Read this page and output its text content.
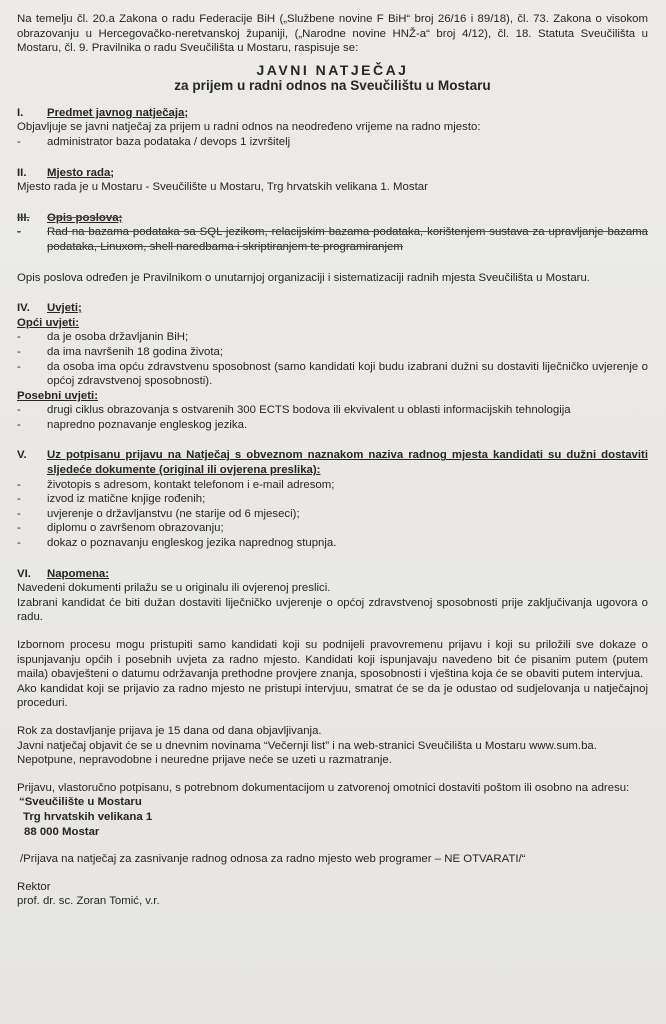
Na temelju čl. 20.a Zakona o radu Federacije BiH („Službene novine F BiH“ broj 26/16 i 89/18), čl. 73. Zakona o visokom obrazovanju u Hercegovačko-neretvanskoj županiji, („Narodne novine HNŽ-a“ broj 4/12), čl. 18. Statuta Sveučilišta u Mostaru, čl. 9. Pravilnika o radu Sveučilišta u Mostaru, raspisuje se:

JAVNI NATJEČAJ

za prijem u radni odnos na Sveučilištu u Mostaru

I.	Predmet javnog natječaja;

Objavljuje se javni natječaj za prijem u radni odnos na neodređeno vrijeme na radno mjesto:

-	administrator baza podataka / devops 1 izvršitelj
II.	Mjesto rada;

Mjesto rada je u Mostaru - Sveučilište u Mostaru, Trg hrvatskih velikana 1. Mostar

III.	Opis poslova;
-	Rad na bazama podataka sa SQL jezikom, relacijskim bazama podataka, korištenjem sustava za upravljanje bazama podataka, Linuxom, shell naredbama i skriptiranjem te programiranjem

Opis poslova određen je Pravilnikom o unutarnjoj organizaciji i sistematizaciji radnih mjesta Sveučilišta u Mostaru.

IV.	Uvjeti;

Opći uvjeti:

-	da je osoba državljanin BiH;
-	da ima navršenih 18 godina života;
-	da osoba ima opću zdravstvenu sposobnost (samo kandidati koji budu izabrani dužni su dostaviti liječničko uvjerenje o općoj zdravstvenoj sposobnosti).

Posebni uvjeti:

-	drugi ciklus obrazovanja s ostvarenih 300 ECTS bodova ili ekvivalent u oblasti informacijskih tehnologija
-	napredno poznavanje engleskog jezika.
V.	Uz potpisanu prijavu na Natječaj s obveznom naznakom naziva radnog mjesta kandidati su dužni dostaviti sljedeće dokumente (original ili ovjerena preslika):
-	životopis s adresom, kontakt telefonom i e-mail adresom;
-	izvod iz matične knjige rođenih;
-	uvjerenje o državljanstvu (ne starije od 6 mjeseci);
-	diplomu o završenom obrazovanju;
-	dokaz o poznavanju engleskog jezika naprednog stupnja.
VI.	Napomena:

Navedeni dokumenti prilažu se u originalu ili ovjerenoj preslici.

Izabrani kandidat će biti dužan dostaviti liječničko uvjerenje o općoj zdravstvenoj sposobnosti prije zaključivanja ugovora o radu.

Izbornom procesu mogu pristupiti samo kandidati koji su podnijeli pravovremenu prijavu i koji su priložili sve dokaze o ispunjavanju općih i posebnih uvjeta za radno mjesto. Kandidati koji ispunjavaju navedeno bit će pisanim putem (putem maila) obavješteni o datumu održavanja prethodne provjere znanja, sposobnosti i vještina koja će se obaviti putem intervjua.

Ako kandidat koji se prijavio za radno mjesto ne pristupi intervjuu, smatrat će se da je odustao od sudjelovanja u natječajnoj proceduri.

Rok za dostavljanje prijava je 15 dana od dana objavljivanja.

Javni natječaj objavit će se u dnevnim novinama “Večernji list” i na web-stranici Sveučilišta u Mostaru www.sum.ba.

Nepotpune, nepravodobne i neuredne prijave neće se uzeti u razmatranje.

Prijavu, vlastoručno potpisanu, s potrebnom dokumentacijom u zatvorenoj omotnici dostaviti poštom ili osobno na adresu:

“Sveučilište u Mostaru
Trg hrvatskih velikana 1
88 000 Mostar

/Prijava na natječaj za zasnivanje radnog odnosa za radno mjesto web programer – NE OTVARATI/“

Rektor

prof. dr. sc. Zoran Tomić, v.r.
